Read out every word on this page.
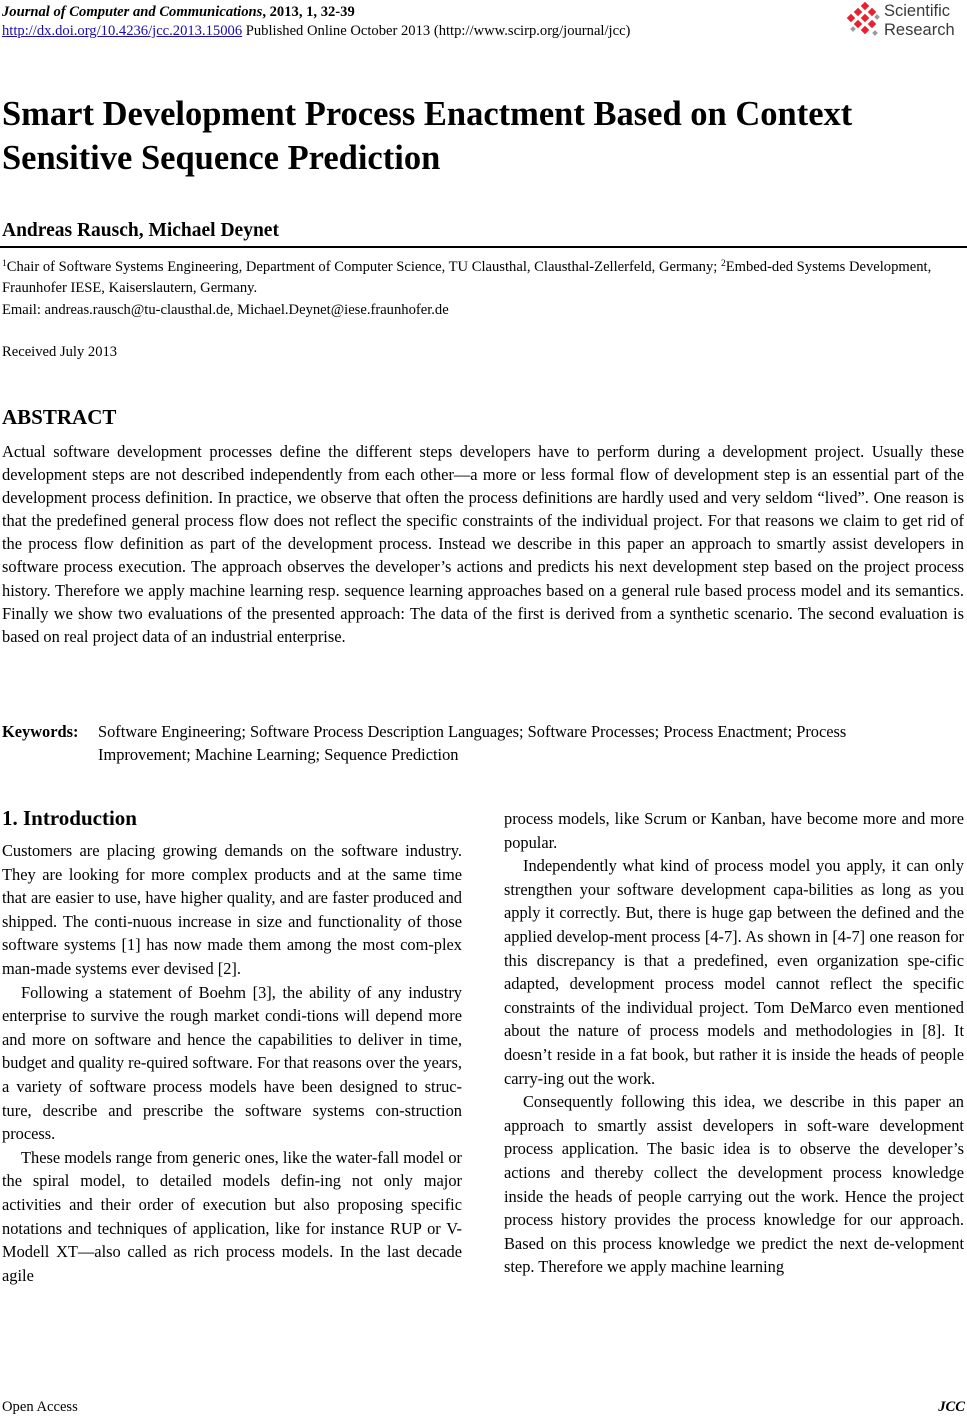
Journal of Computer and Communications, 2013, 1, 32-39
http://dx.doi.org/10.4236/jcc.2013.15006 Published Online October 2013 (http://www.scirp.org/journal/jcc)
Scientific
Research
Smart Development Process Enactment Based on Context Sensitive Sequence Prediction
Andreas Rausch, Michael Deynet
$^1$Chair of Software Systems Engineering, Department of Computer Science, TU Clausthal, Clausthal-Zellerfeld, Germany; $^2$Embed-ded Systems Development, Fraunhofer IESE, Kaiserslautern, Germany.
Email: andreas.rausch@tu-clausthal.de, Michael.Deynet@iese.fraunhofer.de
Received July 2013
ABSTRACT

Actual software development processes define the different steps developers have to perform during a development project. Usually these development steps are not described independently from each other—a more or less formal flow of development step is an essential part of the development process definition. In practice, we observe that often the process definitions are hardly used and very seldom “lived”. One reason is that the predefined general process flow does not reflect the specific constraints of the individual project. For that reasons we claim to get rid of the process flow definition as part of the development process. Instead we describe in this paper an approach to smartly assist developers in software process execution. The approach observes the developer’s actions and predicts his next development step based on the project process history. Therefore we apply machine learning resp. sequence learning approaches based on a general rule based process model and its semantics. Finally we show two evaluations of the presented approach: The data of the first is derived from a synthetic scenario. The second evaluation is based on real project data of an industrial enterprise.

Keywords: Software Engineering; Software Process Description Languages; Software Processes; Process Enactment; Process Improvement; Machine Learning; Sequence Prediction
1. Introduction

Customers are placing growing demands on the software industry. They are looking for more complex products and at the same time that are easier to use, have higher quality, and are faster produced and shipped. The conti-nuous increase in size and functionality of those software systems [1] has now made them among the most com-plex man-made systems ever devised [2].

Following a statement of Boehm [3], the ability of any industry enterprise to survive the rough market condi-tions will depend more and more on software and hence the capabilities to deliver in time, budget and quality re-quired software. For that reasons over the years, a variety of software process models have been designed to struc-ture, describe and prescribe the software systems con-struction process.

These models range from generic ones, like the water-fall model or the spiral model, to detailed models defin-ing not only major activities and their order of execution but also proposing specific notations and techniques of application, like for instance RUP or V-Modell XT—also called as rich process models. In the last decade agile

process models, like Scrum or Kanban, have become more and more popular.

Independently what kind of process model you apply, it can only strengthen your software development capa-bilities as long as you apply it correctly. But, there is huge gap between the defined and the applied develop-ment process [4-7]. As shown in [4-7] one reason for this discrepancy is that a predefined, even organization spe-cific adapted, development process model cannot reflect the specific constraints of the individual project. Tom DeMarco even mentioned about the nature of process models and methodologies in [8]. It doesn’t reside in a fat book, but rather it is inside the heads of people carry-ing out the work.

Consequently following this idea, we describe in this paper an approach to smartly assist developers in soft-ware development process application. The basic idea is to observe the developer’s actions and thereby collect the development process knowledge inside the heads of people carrying out the work. Hence the project process history provides the process knowledge for our approach. Based on this process knowledge we predict the next de-velopment step. Therefore we apply machine learning

Open Access	JCC
